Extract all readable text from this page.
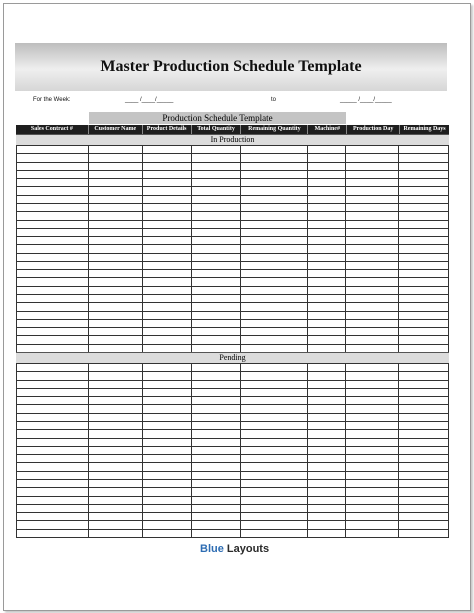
Master Production Schedule Template
For the Week:	____ /____/_____	to	_____ /____/_____
Production Schedule Template
Sales Contract #	Customer Name	Product Details	Total Quantity	Remaining Quantity	Machine#	Production Day	Remaining Days
In Production
Pending
Blue Layouts
